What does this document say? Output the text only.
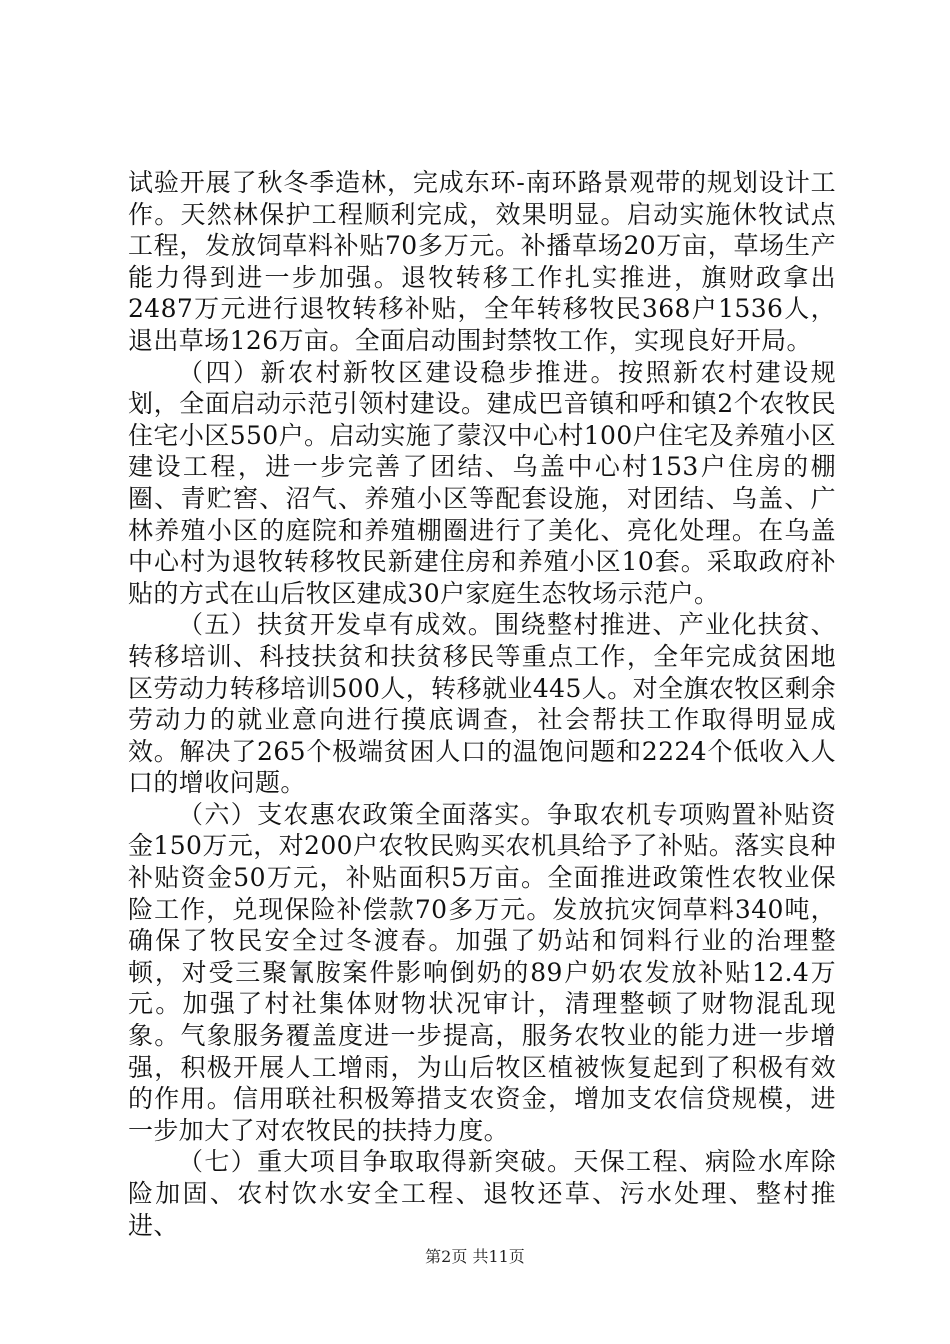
试验开展了秋冬季造林，完成东环-南环路景观带的规划设计工作。天然林保护工程顺利完成，效果明显。启动实施休牧试点工程，发放饲草料补贴70多万元。补播草场20万亩，草场生产能力得到进一步加强。退牧转移工作扎实推进，旗财政拿出2487万元进行退牧转移补贴，全年转移牧民368户1536人，退出草场126万亩。全面启动围封禁牧工作，实现良好开局。

（四）新农村新牧区建设稳步推进。按照新农村建设规划，全面启动示范引领村建设。建成巴音镇和呼和镇2个农牧民住宅小区550户。启动实施了蒙汉中心村100户住宅及养殖小区建设工程，进一步完善了团结、乌盖中心村153户住房的棚圈、青贮窖、沼气、养殖小区等配套设施，对团结、乌盖、广林养殖小区的庭院和养殖棚圈进行了美化、亮化处理。在乌盖中心村为退牧转移牧民新建住房和养殖小区10套。采取政府补贴的方式在山后牧区建成30户家庭生态牧场示范户。

（五）扶贫开发卓有成效。围绕整村推进、产业化扶贫、转移培训、科技扶贫和扶贫移民等重点工作，全年完成贫困地区劳动力转移培训500人，转移就业445人。对全旗农牧区剩余劳动力的就业意向进行摸底调查，社会帮扶工作取得明显成效。解决了265个极端贫困人口的温饱问题和2224个低收入人口的增收问题。

（六）支农惠农政策全面落实。争取农机专项购置补贴资金150万元，对200户农牧民购买农机具给予了补贴。落实良种补贴资金50万元，补贴面积5万亩。全面推进政策性农牧业保险工作，兑现保险补偿款70多万元。发放抗灾饲草料340吨，确保了牧民安全过冬渡春。加强了奶站和饲料行业的治理整顿，对受三聚氰胺案件影响倒奶的89户奶农发放补贴12.4万元。加强了村社集体财物状况审计，清理整顿了财物混乱现象。气象服务覆盖度进一步提高，服务农牧业的能力进一步增强，积极开展人工增雨，为山后牧区植被恢复起到了积极有效的作用。信用联社积极筹措支农资金，增加支农信贷规模，进一步加大了对农牧民的扶持力度。

（七）重大项目争取取得新突破。天保工程、病险水库除险加固、农村饮水安全工程、退牧还草、污水处理、整村推进、

第2页 共11页
